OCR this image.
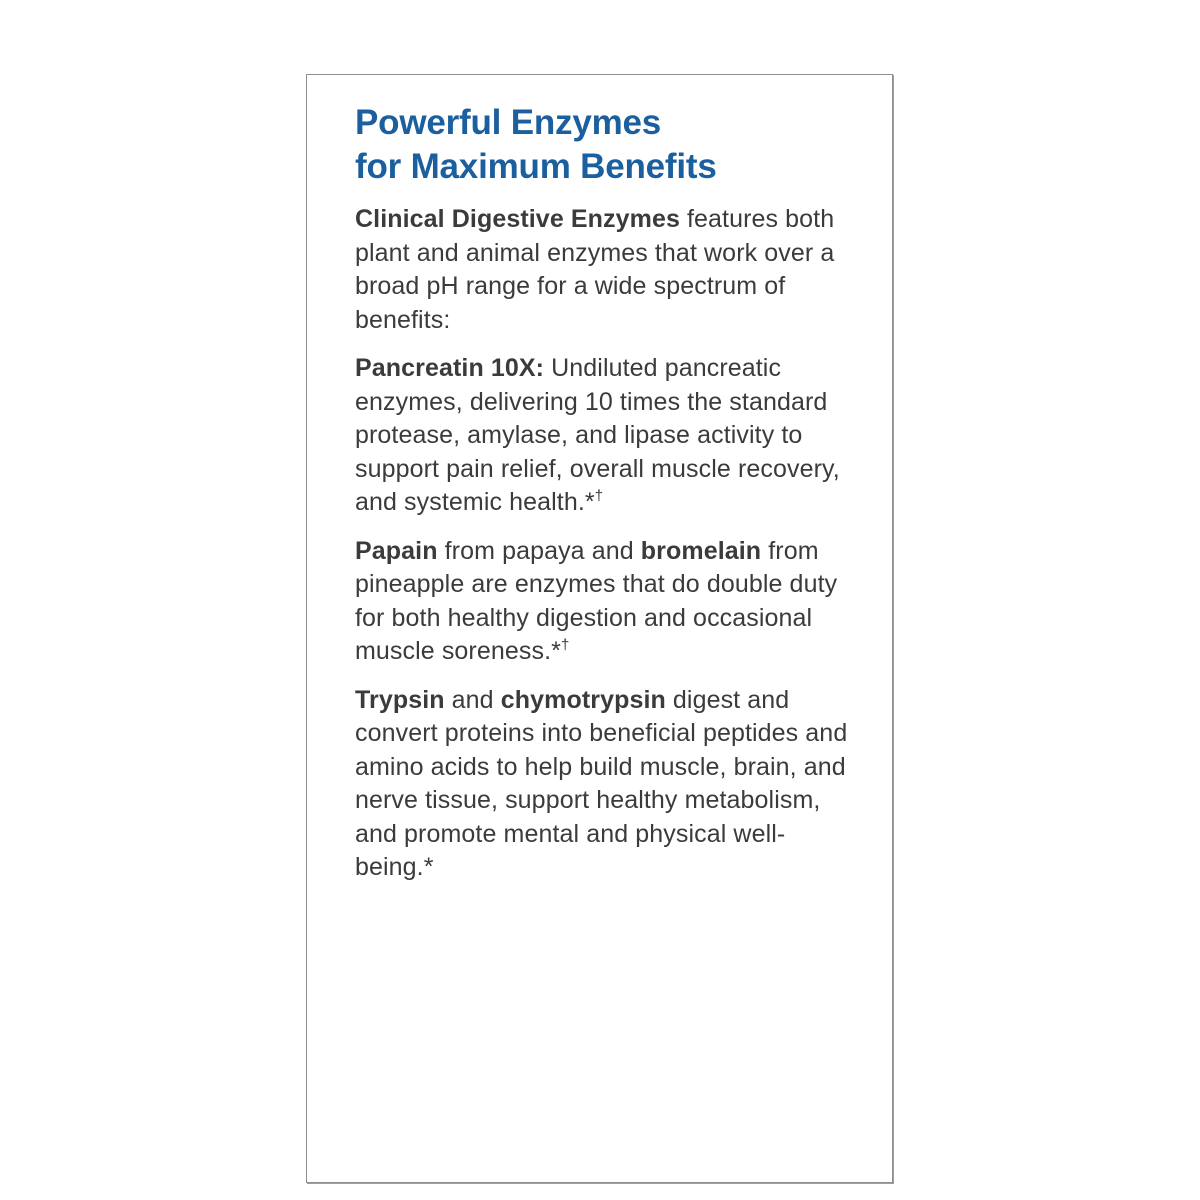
Powerful Enzymes
for Maximum Benefits

Clinical Digestive Enzymes features both plant and animal enzymes that work over a broad pH range for a wide spectrum of benefits:

Pancreatin 10X: Undiluted pancreatic enzymes, delivering 10 times the standard protease, amylase, and lipase activity to support pain relief, overall muscle recovery, and systemic health.*†

Papain from papaya and bromelain from pineapple are enzymes that do double duty for both healthy digestion and occasional muscle soreness.*†

Trypsin and chymotrypsin digest and convert proteins into beneficial peptides and amino acids to help build muscle, brain, and nerve tissue, support healthy metabolism, and promote mental and physical well-being.*
